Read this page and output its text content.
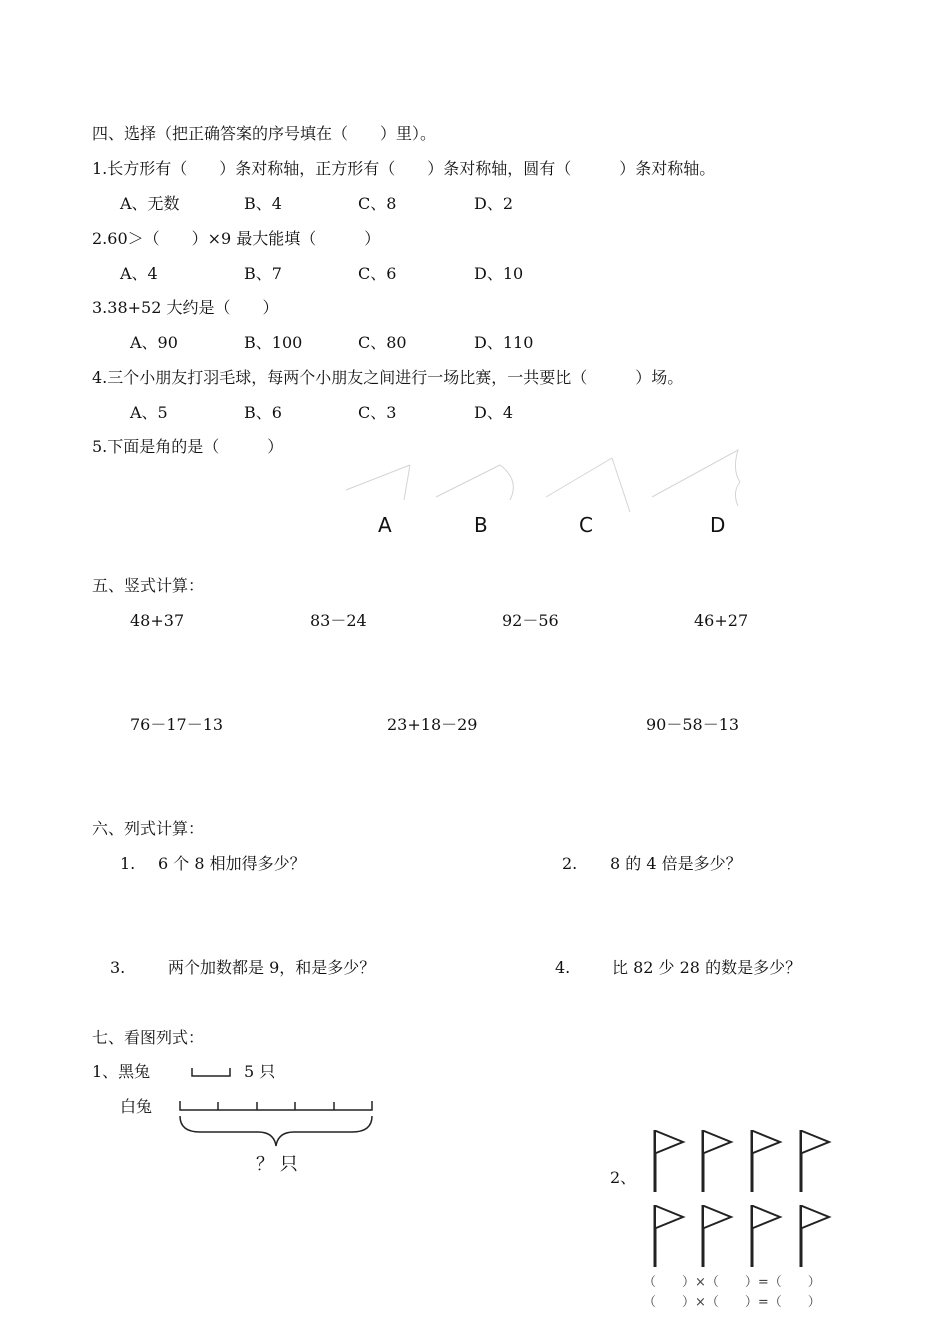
四、选择（把正确答案的序号填在（　　）里）。
1.长方形有（　　）条对称轴，正方形有（　　）条对称轴，圆有（　　　）条对称轴。
A、无数	B、4	C、8	D、2
2.60＞（　　）×9 最大能填（　　　）
A、4	B、7	C、6	D、10
3.38+52 大约是（　　）
A、90	B、100	C、80	D、110
4.三个小朋友打羽毛球，每两个小朋友之间进行一场比赛，一共要比（　　　）场。
A、5	B、6	C、3	D、4
5.下面是角的是（　　　）
A	B	C	D
五、竖式计算：
48+37	83－24	92－56	46+27
76－17－13	23+18－29	90－58－13
六、列式计算：
1. 6 个 8 相加得多少？	2. 8 的 4 倍是多少？
3.	两个加数都是 9，和是多少？	4.	比 82 少 28 的数是多少？
七、看图列式：
1、黑兔	5 只
白兔
？ 只
2、
（　　）×（　　）=（　　）
（　　）×（　　）=（　　）
